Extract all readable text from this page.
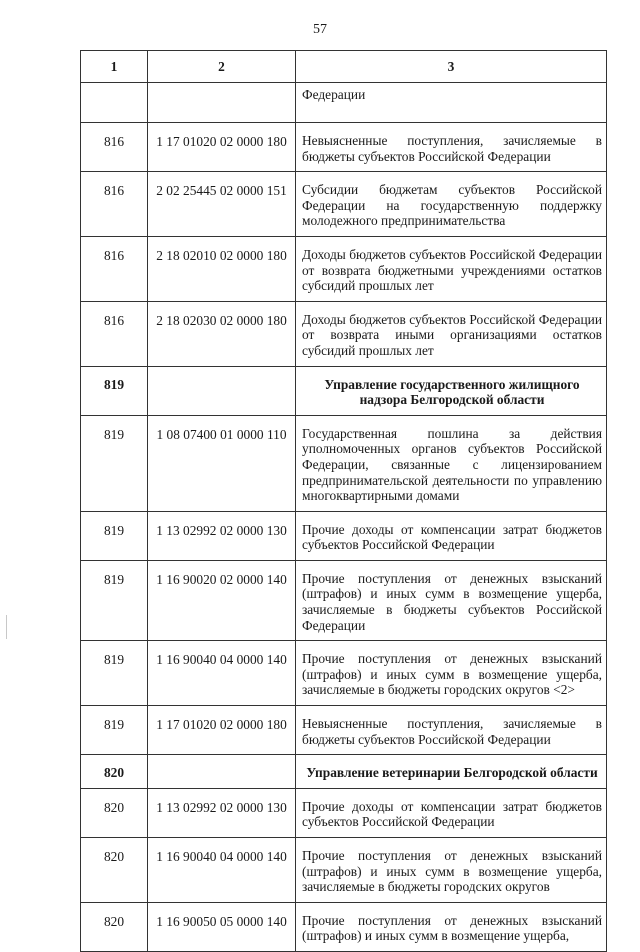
57
1	2	3
		Федерации
816	1 17 01020 02 0000 180	Невыясненные поступления, зачисляемые в бюджеты субъектов Российской Федерации
816	2 02 25445 02 0000 151	Субсидии бюджетам субъектов Российской Федерации на государственную поддержку молодежного предпринимательства
816	2 18 02010 02 0000 180	Доходы бюджетов субъектов Российской Федерации от возврата бюджетными учреждениями остатков субсидий прошлых лет
816	2 18 02030 02 0000 180	Доходы бюджетов субъектов Российской Федерации от возврата иными организациями остатков субсидий прошлых лет
819		Управление государственного жилищного надзора Белгородской области
819	1 08 07400 01 0000 110	Государственная пошлина за действия уполномоченных органов субъектов Российской Федерации, связанные с лицензированием предпринимательской деятельности по управлению многоквартирными домами
819	1 13 02992 02 0000 130	Прочие доходы от компенсации затрат бюджетов субъектов Российской Федерации
819	1 16 90020 02 0000 140	Прочие поступления от денежных взысканий (штрафов) и иных сумм в возмещение ущерба, зачисляемые в бюджеты субъектов Российской Федерации
819	1 16 90040 04 0000 140	Прочие поступления от денежных взысканий (штрафов) и иных сумм в возмещение ущерба, зачисляемые в бюджеты городских округов <2>
819	1 17 01020 02 0000 180	Невыясненные поступления, зачисляемые в бюджеты субъектов Российской Федерации
820		Управление ветеринарии Белгородской области
820	1 13 02992 02 0000 130	Прочие доходы от компенсации затрат бюджетов субъектов Российской Федерации
820	1 16 90040 04 0000 140	Прочие поступления от денежных взысканий (штрафов) и иных сумм в возмещение ущерба, зачисляемые в бюджеты городских округов
820	1 16 90050 05 0000 140	Прочие поступления от денежных взысканий (штрафов) и иных сумм в возмещение ущерба,
